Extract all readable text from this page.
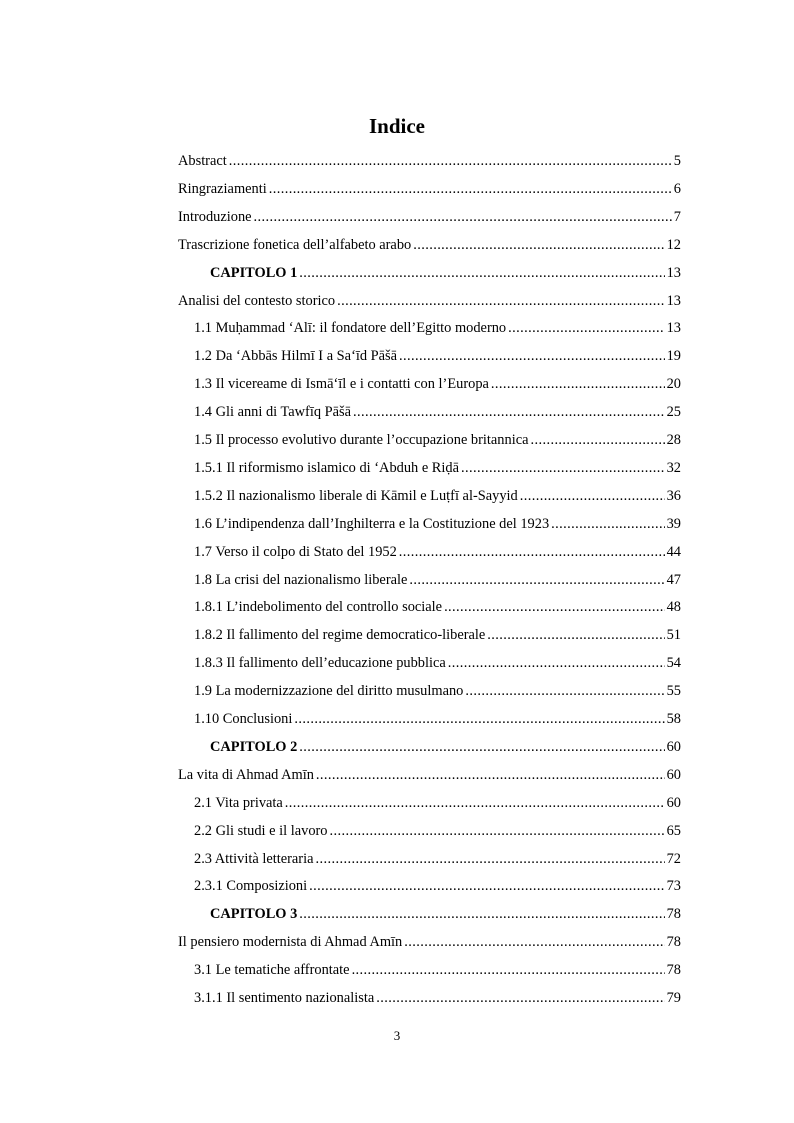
Indice
Abstract . . .	5
Ringraziamenti . . .	6
Introduzione . . .	7
Trascrizione fonetica dell’alfabeto arabo . . .	12
CAPITOLO 1 . . .	13
Analisi del contesto storico . . .	13
1.1 Muḥammad ʻAlī: il fondatore dell’Egitto moderno . . .	13
1.2 Da ʻAbbās Hilmī I a Saʻīd Pāšā . . .	19
1.3 Il vicereame di Ismāʻīl e i contatti con l’Europa . . .	20
1.4 Gli anni di Tawfīq Pāšā . . .	25
1.5 Il processo evolutivo durante l’occupazione britannica . . .	28
1.5.1 Il riformismo islamico di ʻAbduh e Riḍā . . .	32
1.5.2 Il nazionalismo liberale di Kāmil e Luṭfī al-Sayyid . . .	36
1.6 L’indipendenza dall’Inghilterra e la Costituzione del 1923 . . .	39
1.7 Verso il colpo di Stato del 1952 . . .	44
1.8 La crisi del nazionalismo liberale . . .	47
1.8.1 L’indebolimento del controllo sociale . . .	48
1.8.2 Il fallimento del regime democratico-liberale . . .	51
1.8.3 Il fallimento dell’educazione pubblica . . .	54
1.9 La modernizzazione del diritto musulmano . . .	55
1.10 Conclusioni . . .	58
CAPITOLO 2 . . .	60
La vita di Ahmad Amīn . . .	60
2.1 Vita privata . . .	60
2.2 Gli studi e il lavoro . . .	65
2.3 Attività letteraria . . .	72
2.3.1 Composizioni . . .	73
CAPITOLO 3 . . .	78
Il pensiero modernista di Ahmad Amīn . . .	78
3.1 Le tematiche affrontate . . .	78
3.1.1 Il sentimento nazionalista . . .	79
3
